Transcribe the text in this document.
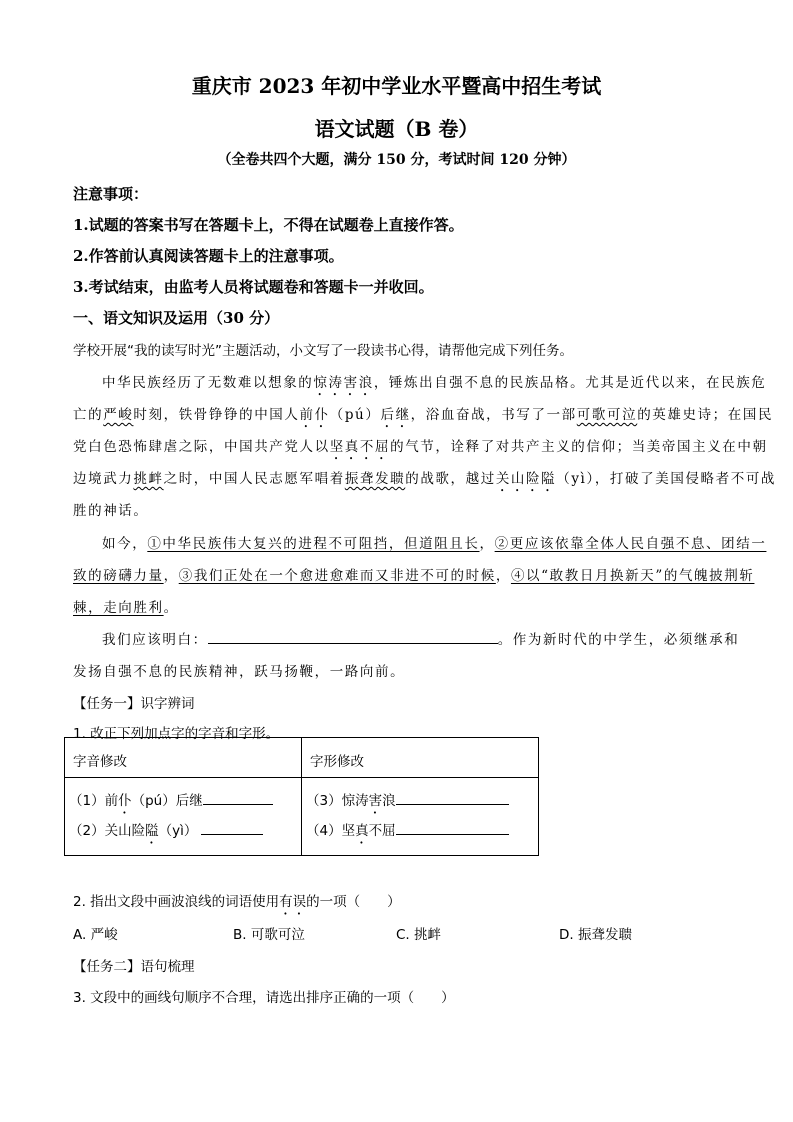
重庆市 2023 年初中学业水平暨高中招生考试
语文试题（B 卷）
（全卷共四个大题，满分 150 分，考试时间 120 分钟）
注意事项：
1.试题的答案书写在答题卡上，不得在试题卷上直接作答。
2.作答前认真阅读答题卡上的注意事项。
3.考试结束，由监考人员将试题卷和答题卡一并收回。
一、语文知识及运用（30 分）
学校开展“我的读写时光”主题活动，小文写了一段读书心得，请帮他完成下列任务。
中华民族经历了无数难以想象的惊涛害浪，锤炼出自强不息的民族品格。尤其是近代以来，在民族危
亡的严峻时刻，铁骨铮铮的中国人前仆（pú）后继，浴血奋战，书写了一部可歌可泣的英雄史诗；在国民
党白色恐怖肆虐之际，中国共产党人以坚真不屈的气节，诠释了对共产主义的信仰；当美帝国主义在中朝
边境武力挑衅之时，中国人民志愿军唱着振聋发聩的战歌，越过关山险隘（yì），打破了美国侵略者不可战
胜的神话。
如今，①中华民族伟大复兴的进程不可阻挡，但道阻且长，②更应该依靠全体人民自强不息、团结一
致的磅礴力量，③我们正处在一个愈进愈难而又非进不可的时候，④以“敢教日月换新天”的气魄披荆斩
棘，走向胜利。
我们应该明白：	。作为新时代的中学生，必须继承和
发扬自强不息的民族精神，跃马扬鞭，一路向前。
【任务一】识字辨词
1. 改正下列加点字的字音和字形。
字音修改	字形修改

（1）前仆（pú）后继
（2）关山险隘（yì）

（3）惊涛害浪
（4）坚真不屈
2. 指出文段中画波浪线的词语使用有误的一项（　　）
A. 严峻	B. 可歌可泣	C. 挑衅	D. 振聋发聩
【任务二】语句梳理
3. 文段中的画线句顺序不合理，请选出排序正确的一项（　　）
